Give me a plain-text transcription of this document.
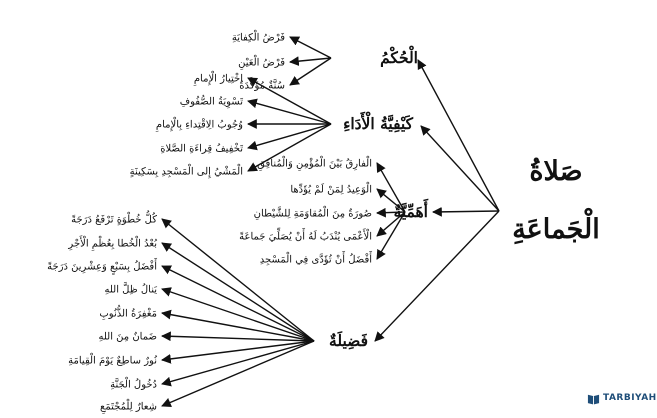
صَلاةُ
الْجَماعَةِ
الْحُكْمُ
كَيْفِيَّةُ الْأَدَاءِ
أَهَمِّيَّةٌ
فَضِيلَةٌ
فَرْضُ الْكِفايَةِ
فَرْضُ الْعَيْنِ
سُنَّةٌ مُؤَكَّدَةٌ
اخْتِيارُ الْإِمامِ
تَسْوِيَةُ الصُّفُوفِ
وُجُوبُ الِاقْتِداءِ بِالْإِمامِ
تَخْفِيفُ قِراءَةِ الصَّلاةِ
الْمَشْيُ إِلى الْمَسْجِدِ بِسَكِينَةٍ
الْفارِقُ بَيْنَ الْمُؤْمِنِ وَالْمُنافِقِ
الْوَعِيدُ لِمَنْ لَمْ يُؤَدِّها
صُورَةٌ مِنَ الْمُقاوَمَةِ لِلشَّيْطانِ
الْأَعْمَى يُنْدَبُ لَهُ أَنْ يُصَلِّيَ جَماعَةً
أَفْضَلُ أَنْ تُؤَدَّى فِي الْمَسْجِدِ
كُلُّ خُطْوَةٍ تَرْفَعُ دَرَجَةً
بُعْدُ الْخُطا بِعُظْمِ الْأَجْرِ
أَفْضَلُ بِسَبْعٍ وَعِشْرِينَ دَرَجَةً
يَنالُ ظِلَّ اللهِ
مَغْفِرَةُ الذُّنُوبِ
ضَمانٌ مِنَ اللهِ
نُورٌ ساطِعٌ يَوْمَ الْقِيامَةِ
دُخُولُ الْجَنَّةِ
شِعارٌ لِلْمُجْتَمَعِ
TARBIYAH
